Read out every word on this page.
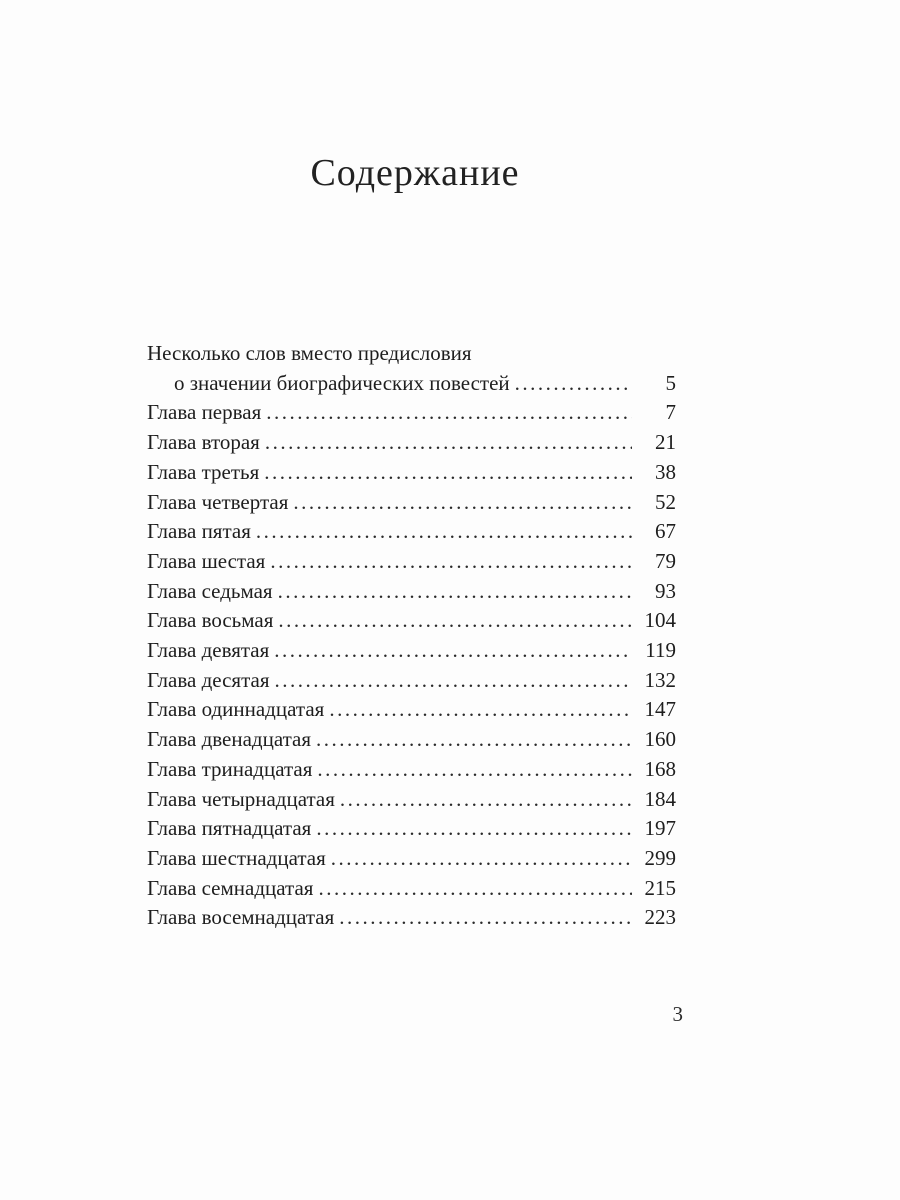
Содержание
Несколько слов вместо предисловия
о значении биографических повестей .....	5
Глава первая .....	7
Глава вторая .....	21
Глава третья .....	38
Глава четвертая .....	52
Глава пятая .....	67
Глава шестая .....	79
Глава седьмая .....	93
Глава восьмая .....	104
Глава девятая .....	119
Глава десятая .....	132
Глава одиннадцатая .....	147
Глава двенадцатая .....	160
Глава тринадцатая .....	168
Глава четырнадцатая .....	184
Глава пятнадцатая .....	197
Глава шестнадцатая .....	299
Глава семнадцатая .....	215
Глава восемнадцатая .....	223
3
